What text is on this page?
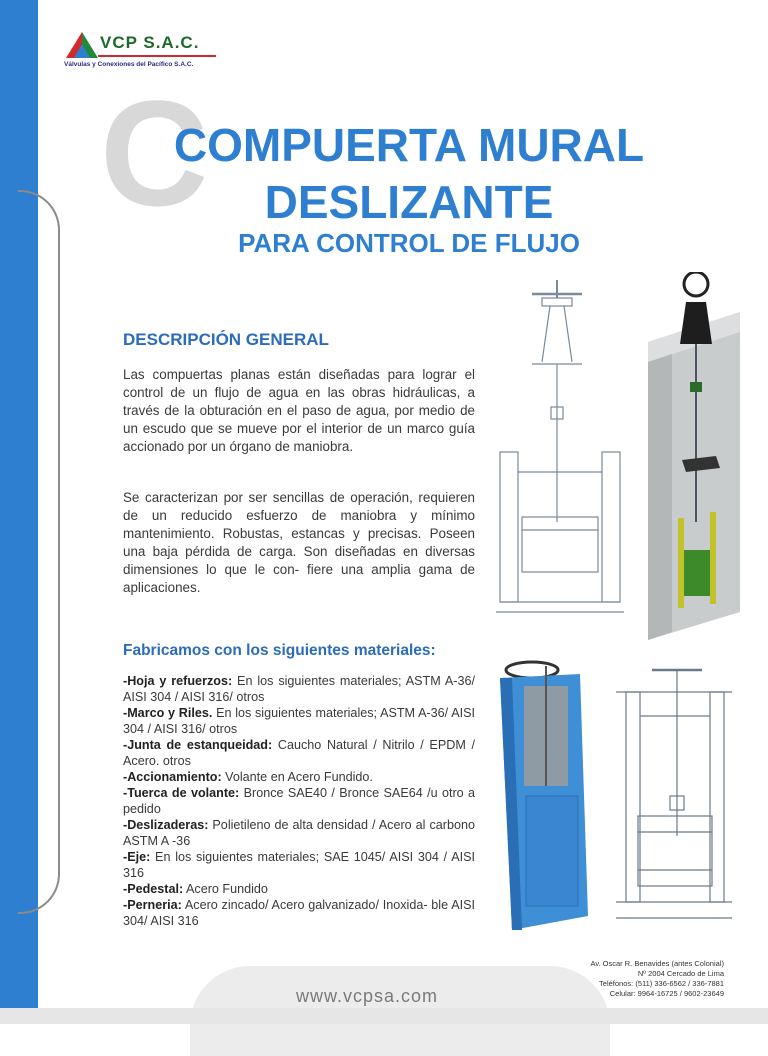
VCP S.A.C.
Válvulas y Conexiones del Pacífico S.A.C.
C
COMPUERTA MURAL
DESLIZANTE
PARA CONTROL DE FLUJO
DESCRIPCIÓN GENERAL
Las compuertas planas están diseñadas para lograr el control de un flujo de agua en las obras hidráulicas, a través de la obturación en el paso de agua, por medio de un escudo que se mueve por el interior de un marco guía accionado por un órgano de maniobra.
Se caracterizan por ser sencillas de operación, requieren de un reducido esfuerzo de maniobra y mínimo mantenimiento. Robustas, estancas y precisas. Poseen una baja pérdida de carga. Son diseñadas en diversas dimensiones lo que le con- fiere una amplia gama de aplicaciones.
Fabricamos con los siguientes materiales:
-Hoja y refuerzos: En los siguientes materiales; ASTM A-36/ AISI 304 / AISI 316/ otros
-Marco y Riles. En los siguientes materiales; ASTM A-36/ AISI 304 / AISI 316/ otros
-Junta de estanqueidad: Caucho Natural / Nitrilo / EPDM / Acero. otros
-Accionamiento: Volante en Acero Fundido.
-Tuerca de volante: Bronce SAE40 / Bronce SAE64 /u otro a pedido
-Deslizaderas: Polietileno de alta densidad / Acero al carbono ASTM A -36
-Eje: En los siguientes materiales; SAE 1045/ AISI 304 / AISI 316
-Pedestal: Acero Fundido
-Perneria: Acero zincado/ Acero galvanizado/ Inoxida- ble AISI 304/ AISI 316
www.vcpsa.com
Av. Oscar R. Benavides (antes Colonial)
Nº 2004 Cercado de Lima
Teléfonos: (511) 336-6562 / 336-7881
Celular: 9964-16725 / 9602-23649
